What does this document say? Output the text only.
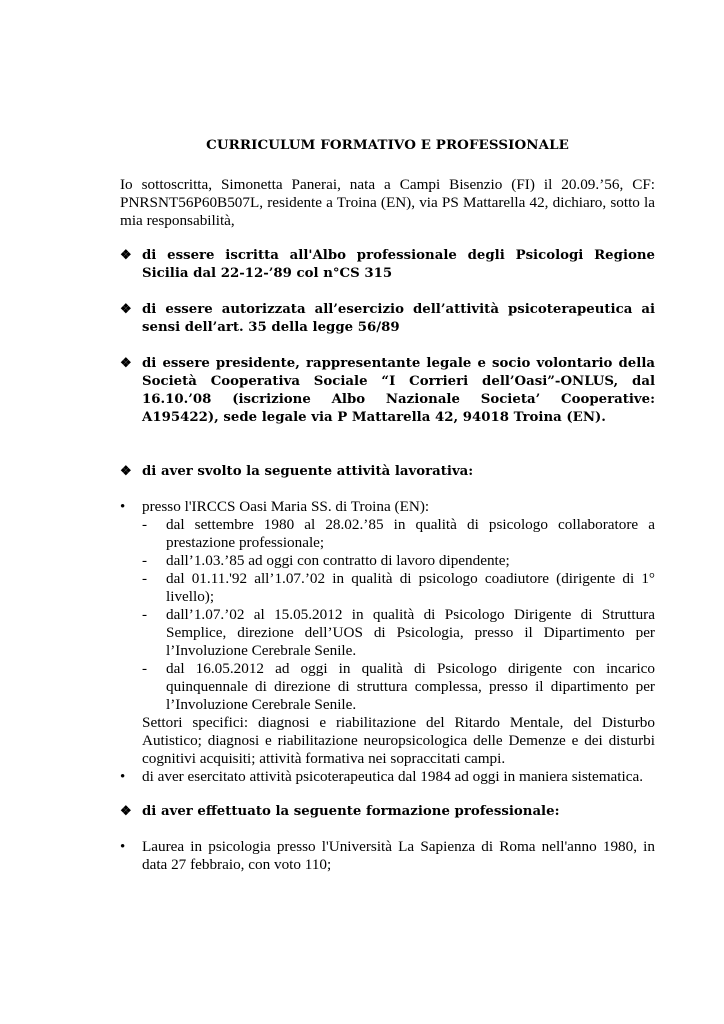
CURRICULUM FORMATIVO E PROFESSIONALE
Io sottoscritta, Simonetta Panerai, nata a Campi Bisenzio (FI) il 20.09.’56, CF: PNRSNT56P60B507L, residente a Troina (EN), via PS Mattarella 42, dichiaro, sotto la mia responsabilità,
❖ di essere iscritta all'Albo professionale degli Psicologi Regione Sicilia dal 22-12-’89 col n°CS 315
❖ di essere autorizzata all’esercizio dell’attività psicoterapeutica ai sensi dell’art. 35 della legge 56/89
❖ di essere presidente, rappresentante legale e socio volontario della Società Cooperativa Sociale “I Corrieri dell’Oasi”-ONLUS, dal 16.10.’08 (iscrizione Albo Nazionale Societa’ Cooperative: A195422), sede legale via P Mattarella 42, 94018 Troina (EN).
❖ di aver svolto la seguente attività lavorativa:
• presso l'IRCCS Oasi Maria SS. di Troina (EN):
- dal settembre 1980 al 28.02.’85 in qualità di psicologo collaboratore a prestazione professionale;
- dall’1.03.’85 ad oggi con contratto di lavoro dipendente;
- dal 01.11.'92 all’1.07.’02 in qualità di psicologo coadiutore (dirigente di 1° livello);
- dall’1.07.’02 al 15.05.2012 in qualità di Psicologo Dirigente di Struttura Semplice, direzione dell’UOS di Psicologia, presso il Dipartimento per l’Involuzione Cerebrale Senile.
- dal 16.05.2012 ad oggi in qualità di Psicologo dirigente con incarico quinquennale di direzione di struttura complessa, presso il dipartimento per l’Involuzione Cerebrale Senile.
Settori specifici: diagnosi e riabilitazione del Ritardo Mentale, del Disturbo Autistico; diagnosi e riabilitazione neuropsicologica delle Demenze e dei disturbi cognitivi acquisiti; attività formativa nei sopraccitati campi.
• di aver esercitato attività psicoterapeutica dal 1984 ad oggi in maniera sistematica.
❖ di aver effettuato la seguente formazione professionale:
•	Laurea in psicologia presso l'Università La Sapienza di Roma nell'anno 1980, in data 27 febbraio, con voto 110;
